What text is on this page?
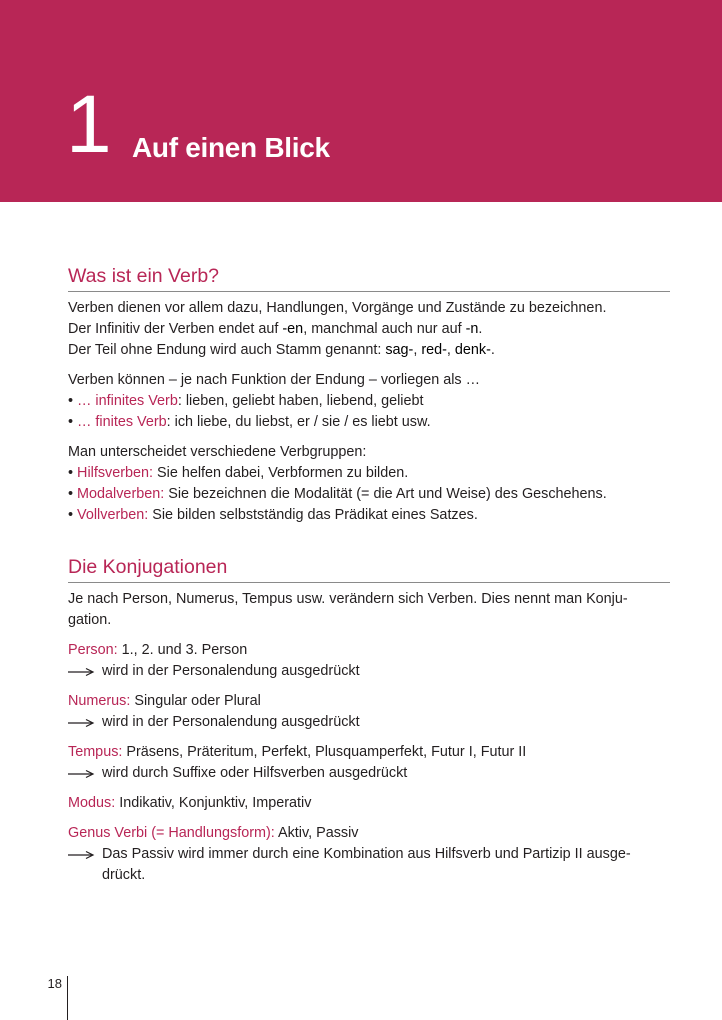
1 Auf einen Blick
Was ist ein Verb?

Verben dienen vor allem dazu, Handlungen, Vorgänge und Zustände zu bezeichnen.
Der Infinitiv der Verben endet auf -en, manchmal auch nur auf -n.
Der Teil ohne Endung wird auch Stamm genannt: sag-, red-, denk-.

Verben können – je nach Funktion der Endung – vorliegen als …
• … infinites Verb: lieben, geliebt haben, liebend, geliebt
• … finites Verb: ich liebe, du liebst, er / sie / es liebt usw.

Man unterscheidet verschiedene Verbgruppen:
• Hilfsverben: Sie helfen dabei, Verbformen zu bilden.
• Modalverben: Sie bezeichnen die Modalität (= die Art und Weise) des Geschehens.
• Vollverben: Sie bilden selbstständig das Prädikat eines Satzes.

Die Konjugationen

Je nach Person, Numerus, Tempus usw. verändern sich Verben. Dies nennt man Konju-
gation.

Person: 1., 2. und 3. Person

wird in der Personalendung ausgedrückt

Numerus: Singular oder Plural

wird in der Personalendung ausgedrückt

Tempus: Präsens, Präteritum, Perfekt, Plusquamperfekt, Futur I, Futur II

wird durch Suffixe oder Hilfsverben ausgedrückt

Modus: Indikativ, Konjunktiv, Imperativ

Genus Verbi (= Handlungsform): Aktiv, Passiv

Das Passiv wird immer durch eine Kombination aus Hilfsverb und Partizip II ausge-
drückt.
18
